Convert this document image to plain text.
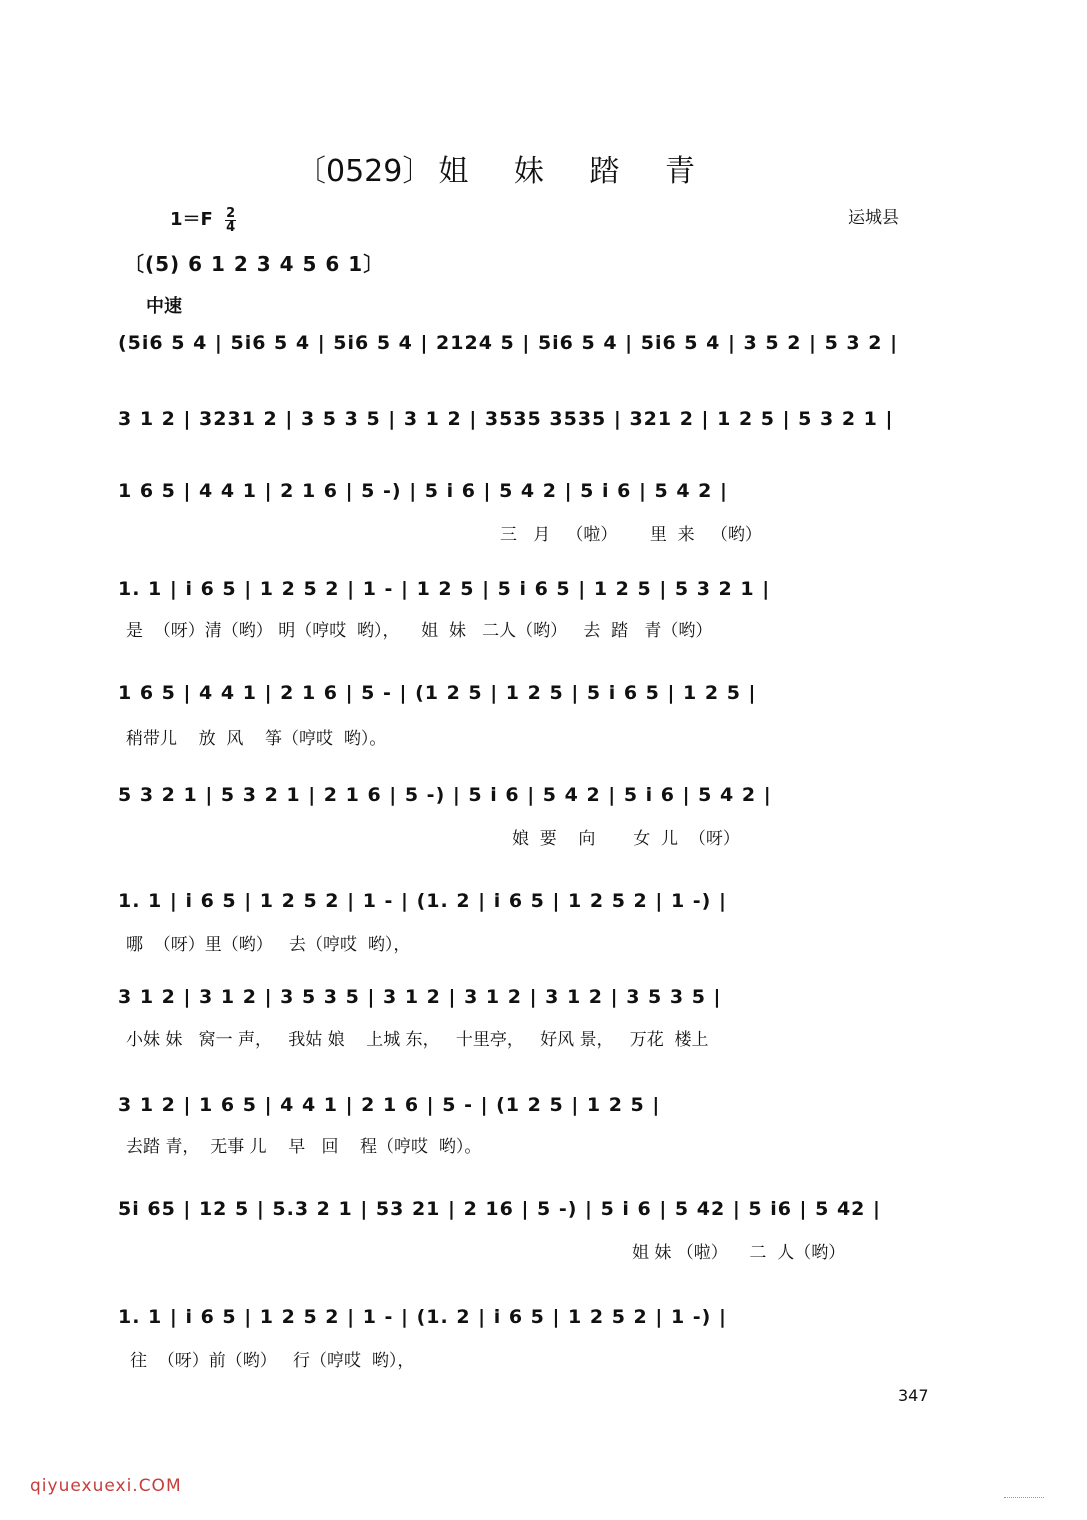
〔0529〕 姐 妹 踏 青
$1=F \frac{2}{4}$	运城县
〔(5) 6 1 2 3 4 5 6 1〕
中速
(5i6 5 4 | 5i6 5 4 | 5i6 5 4 | 2124 5 | 5i6 5 4 | 5i6 5 4 | 3 5 2 | 5 3 2 |
3 1 2 | 3231 2 | 3 5 3 5 | 3 1 2 | 3535 3535 | 321 2 | 1 2 5 | 5 3 2 1 |
1 6 5 | 4 4 1 | 2 1 6 | 5 -) | 5 i 6 | 5 4 2 | 5 i 6 | 5 4 2 |
三   月   （啦）      里  来   （哟）
1. 1 | i 6 5 | 1 2 5 2 | 1 - | 1 2 5 | 5 i 6 5 | 1 2 5 | 5 3 2 1 |
是  （呀）清（哟） 明（哼哎  哟），    姐  妹   二人（哟）   去  踏   青（哟）
1 6 5 | 4 4 1 | 2 1 6 | 5 - | (1 2 5 | 1 2 5 | 5 i 6 5 | 1 2 5 |
稍带儿    放  风    筝（哼哎  哟）。
5 3 2 1 | 5 3 2 1 | 2 1 6 | 5 -) | 5 i 6 | 5 4 2 | 5 i 6 | 5 4 2 |
娘  要    向       女  儿  （呀）
1. 1 | i 6 5 | 1 2 5 2 | 1 - | (1. 2 | i 6 5 | 1 2 5 2 | 1 -) |
哪  （呀）里（哟）   去（哼哎  哟），
3 1 2 | 3 1 2 | 3 5 3 5 | 3 1 2 | 3 1 2 | 3 1 2 | 3 5 3 5 |
小妹 妹   窝一 声，   我姑 娘    上城 东，   十里亭，   好风 景，   万花  楼上
3 1 2 | 1 6 5 | 4 4 1 | 2 1 6 | 5 - | (1 2 5 | 1 2 5 |
去踏 青，  无事 儿    早   回    程（哼哎  哟）。
5i 65 | 12 5 | 5.3 2 1 | 53 21 | 2 16 | 5 -) | 5 i 6 | 5 42 | 5 i6 | 5 42 |
姐 妹 （啦）    二  人（哟）
1. 1 | i 6 5 | 1 2 5 2 | 1 - | (1. 2 | i 6 5 | 1 2 5 2 | 1 -) |
往  （呀）前（哟）   行（哼哎  哟），
347
qiyuexuexi.COM
